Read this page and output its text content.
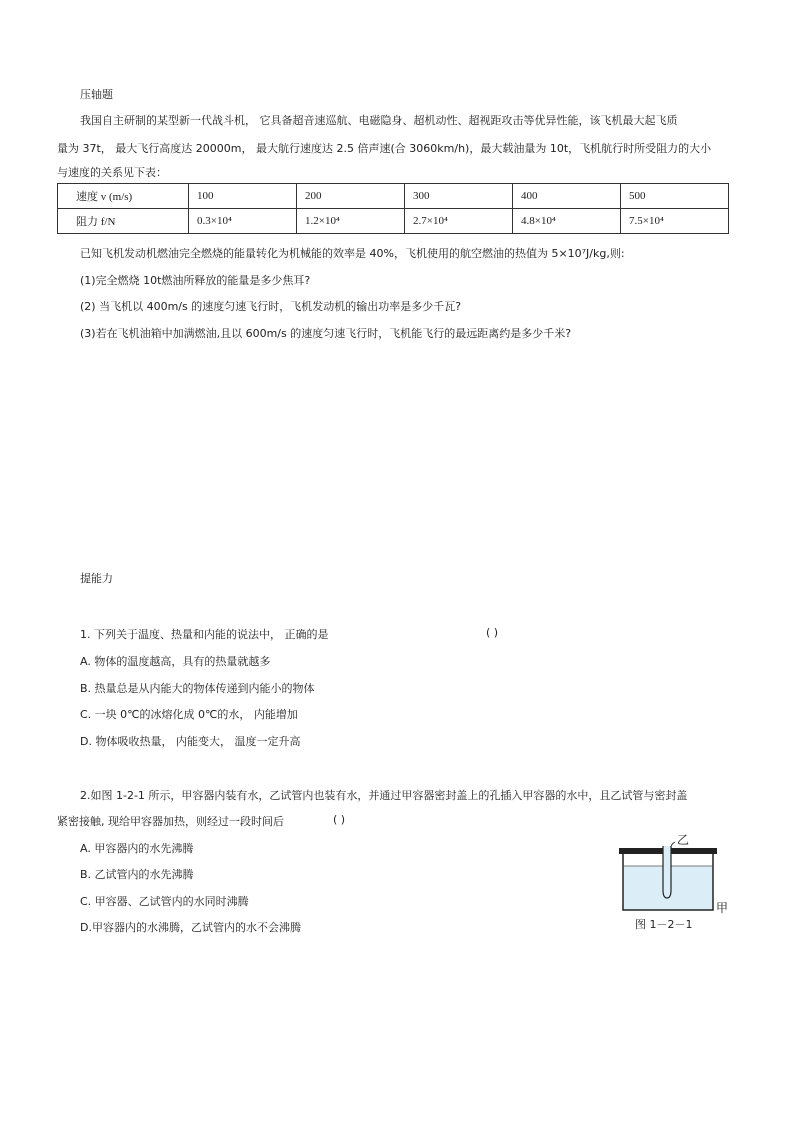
压轴题
我国自主研制的某型新一代战斗机， 它具备超音速巡航、电磁隐身、超机动性、超视距攻击等优异性能，该飞机最大起飞质
量为 37t， 最大飞行高度达 20000m， 最大航行速度达 2.5 倍声速(合 3060km/h)，最大载油量为 10t，飞机航行时所受阻力的大小
与速度的关系见下表：
速度 v (m/s)	100	200	300	400	500
阻力 f/N	0.3×10⁴	1.2×10⁴	2.7×10⁴	4.8×10⁴	7.5×10⁴
已知飞机发动机燃油完全燃烧的能量转化为机械能的效率是 40%，飞机使用的航空燃油的热值为 5×10⁷J/kg,则:
(1)完全燃烧 10t燃油所释放的能量是多少焦耳?
(2) 当飞机以 400m/s 的速度匀速飞行时，飞机发动机的输出功率是多少千瓦?
(3)若在飞机油箱中加满燃油,且以 600m/s 的速度匀速飞行时，飞机能飞行的最远距离约是多少千米?
提能力
1. 下列关于温度、热量和内能的说法中， 正确的是	( )
A. 物体的温度越高，具有的热量就越多
B. 热量总是从内能大的物体传递到内能小的物体
C. 一块 0℃的冰熔化成 0℃的水， 内能增加
D. 物体吸收热量， 内能变大， 温度一定升高
2.如图 1-2-1 所示，甲容器内装有水，乙试管内也装有水，并通过甲容器密封盖上的孔插入甲容器的水中，且乙试管与密封盖
紧密接触, 现给甲容器加热，则经过一段时间后	( )
A. 甲容器内的水先沸腾
B. 乙试管内的水先沸腾
C. 甲容器、乙试管内的水同时沸腾
D.甲容器内的水沸腾，乙试管内的水不会沸腾
乙
甲
图 1－2－1
